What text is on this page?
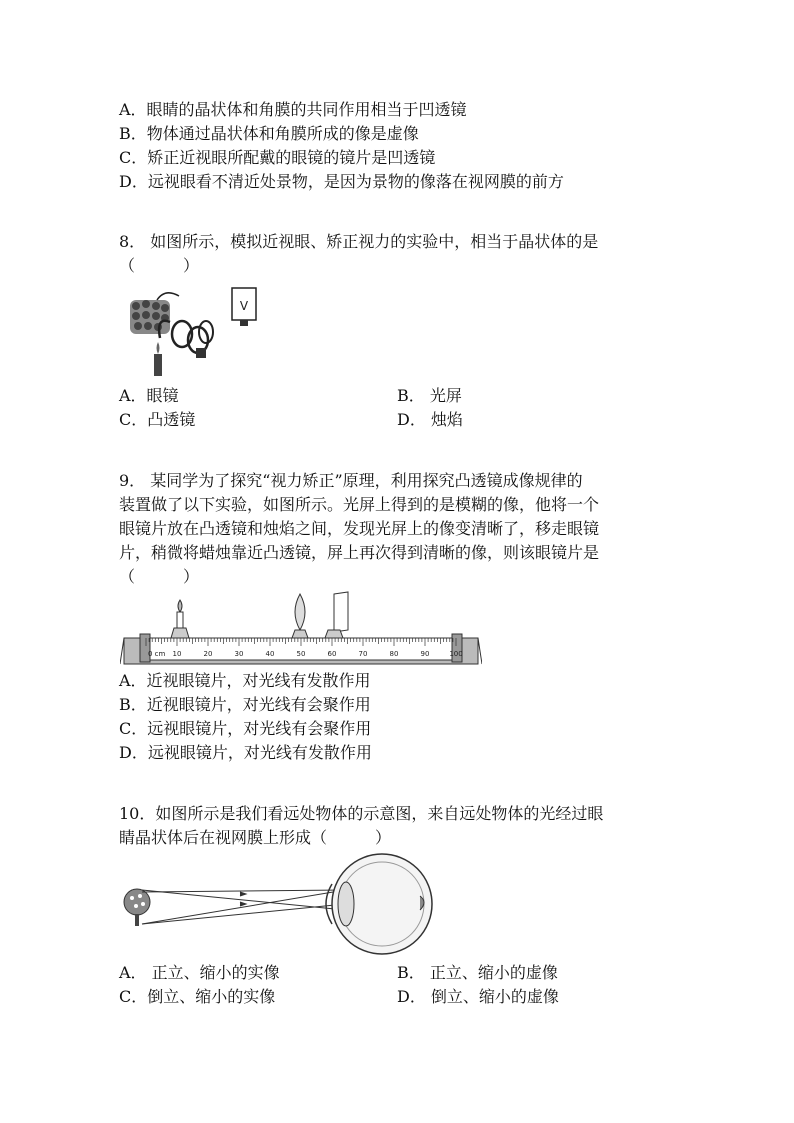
A．眼睛的晶状体和角膜的共同作用相当于凹透镜
B．物体通过晶状体和角膜所成的像是虚像
C．矫正近视眼所配戴的眼镜的镜片是凹透镜
D．远视眼看不清近处景物，是因为景物的像落在视网膜的前方
8． 如图所示，模拟近视眼、矫正视力的实验中，相当于晶状体的是
（　　　）
V
A．眼镜	B． 光屏
C．凸透镜	D． 烛焰
9． 某同学为了探究“视力矫正”原理，利用探究凸透镜成像规律的
装置做了以下实验，如图所示。光屏上得到的是模糊的像，他将一个
眼镜片放在凸透镜和烛焰之间，发现光屏上的像变清晰了，移走眼镜
片，稍微将蜡烛靠近凸透镜，屏上再次得到清晰的像，则该眼镜片是
（　　　）
0 cm 10	20	30	40	50	60	70	80	90	100
A．近视眼镜片，对光线有发散作用
B．近视眼镜片，对光线有会聚作用
C．远视眼镜片，对光线有会聚作用
D．远视眼镜片，对光线有发散作用
10．如图所示是我们看远处物体的示意图，来自远处物体的光经过眼
睛晶状体后在视网膜上形成（　　　）
A． 正立、缩小的实像	B． 正立、缩小的虚像
C．倒立、缩小的实像	D． 倒立、缩小的虚像
